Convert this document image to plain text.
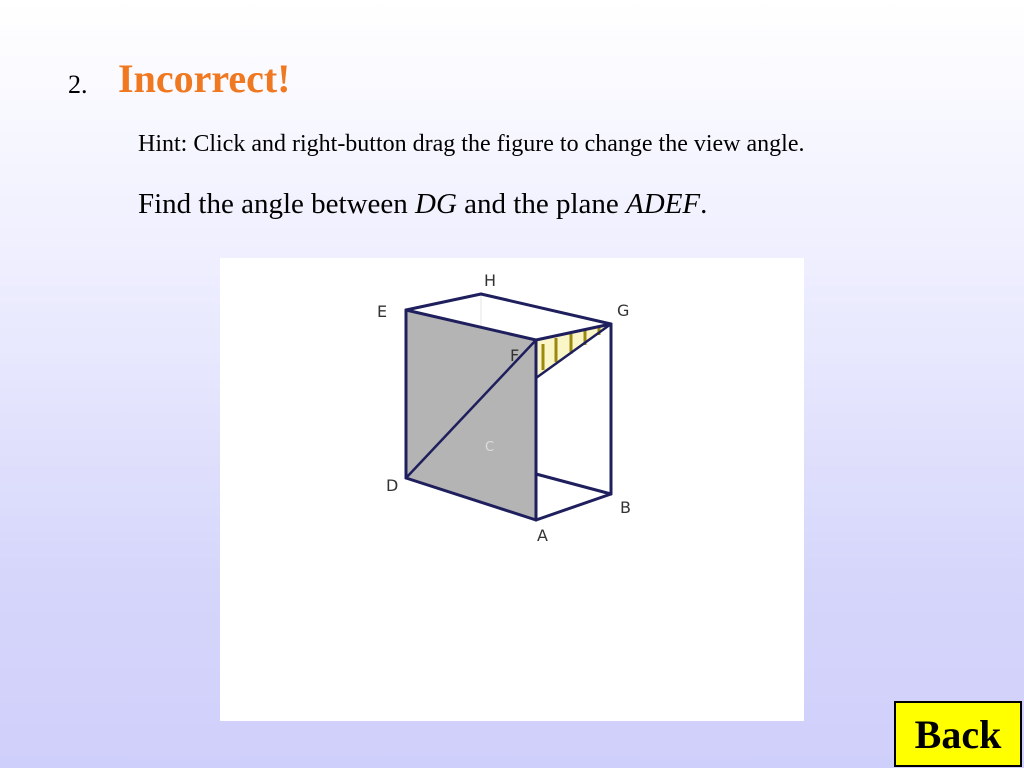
2. Incorrect!
Hint: Click and right-button drag the figure to change the view angle.
Find the angle between DG and the plane ADEF.
H
E	G
F
C
D
B
A
Back
